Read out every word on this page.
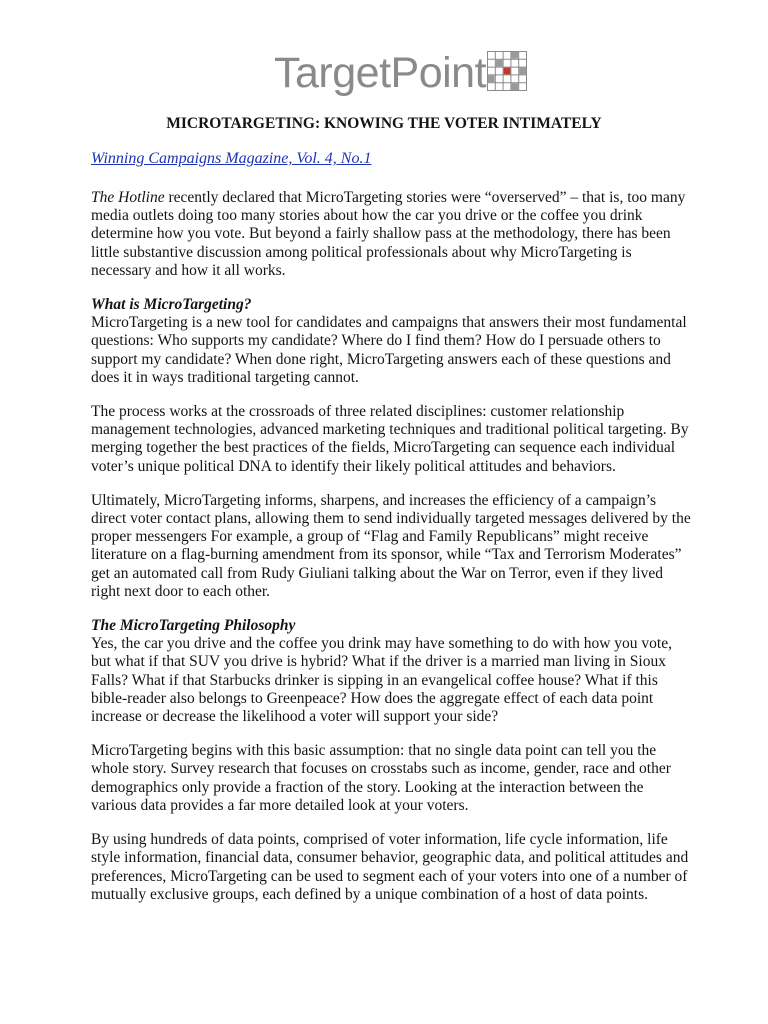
TargetPoint
MICROTARGETING: KNOWING THE VOTER INTIMATELY

Winning Campaigns Magazine, Vol. 4, No.1

The Hotline recently declared that MicroTargeting stories were “overserved” – that is, too many media outlets doing too many stories about how the car you drive or the coffee you drink determine how you vote. But beyond a fairly shallow pass at the methodology, there has been little substantive discussion among political professionals about why MicroTargeting is necessary and how it all works.

What is MicroTargeting?

MicroTargeting is a new tool for candidates and campaigns that answers their most fundamental questions: Who supports my candidate? Where do I find them? How do I persuade others to support my candidate? When done right, MicroTargeting answers each of these questions and does it in ways traditional targeting cannot.

The process works at the crossroads of three related disciplines: customer relationship management technologies, advanced marketing techniques and traditional political targeting. By merging together the best practices of the fields, MicroTargeting can sequence each individual voter’s unique political DNA to identify their likely political attitudes and behaviors.

Ultimately, MicroTargeting informs, sharpens, and increases the efficiency of a campaign’s direct voter contact plans, allowing them to send individually targeted messages delivered by the proper messengers For example, a group of “Flag and Family Republicans” might receive literature on a flag-burning amendment from its sponsor, while “Tax and Terrorism Moderates” get an automated call from Rudy Giuliani talking about the War on Terror, even if they lived right next door to each other.

The MicroTargeting Philosophy

Yes, the car you drive and the coffee you drink may have something to do with how you vote, but what if that SUV you drive is hybrid? What if the driver is a married man living in Sioux Falls? What if that Starbucks drinker is sipping in an evangelical coffee house? What if this bible-reader also belongs to Greenpeace? How does the aggregate effect of each data point increase or decrease the likelihood a voter will support your side?

MicroTargeting begins with this basic assumption: that no single data point can tell you the whole story. Survey research that focuses on crosstabs such as income, gender, race and other demographics only provide a fraction of the story. Looking at the interaction between the various data provides a far more detailed look at your voters.

By using hundreds of data points, comprised of voter information, life cycle information, life style information, financial data, consumer behavior, geographic data, and political attitudes and preferences, MicroTargeting can be used to segment each of your voters into one of a number of mutually exclusive groups, each defined by a unique combination of a host of data points.
